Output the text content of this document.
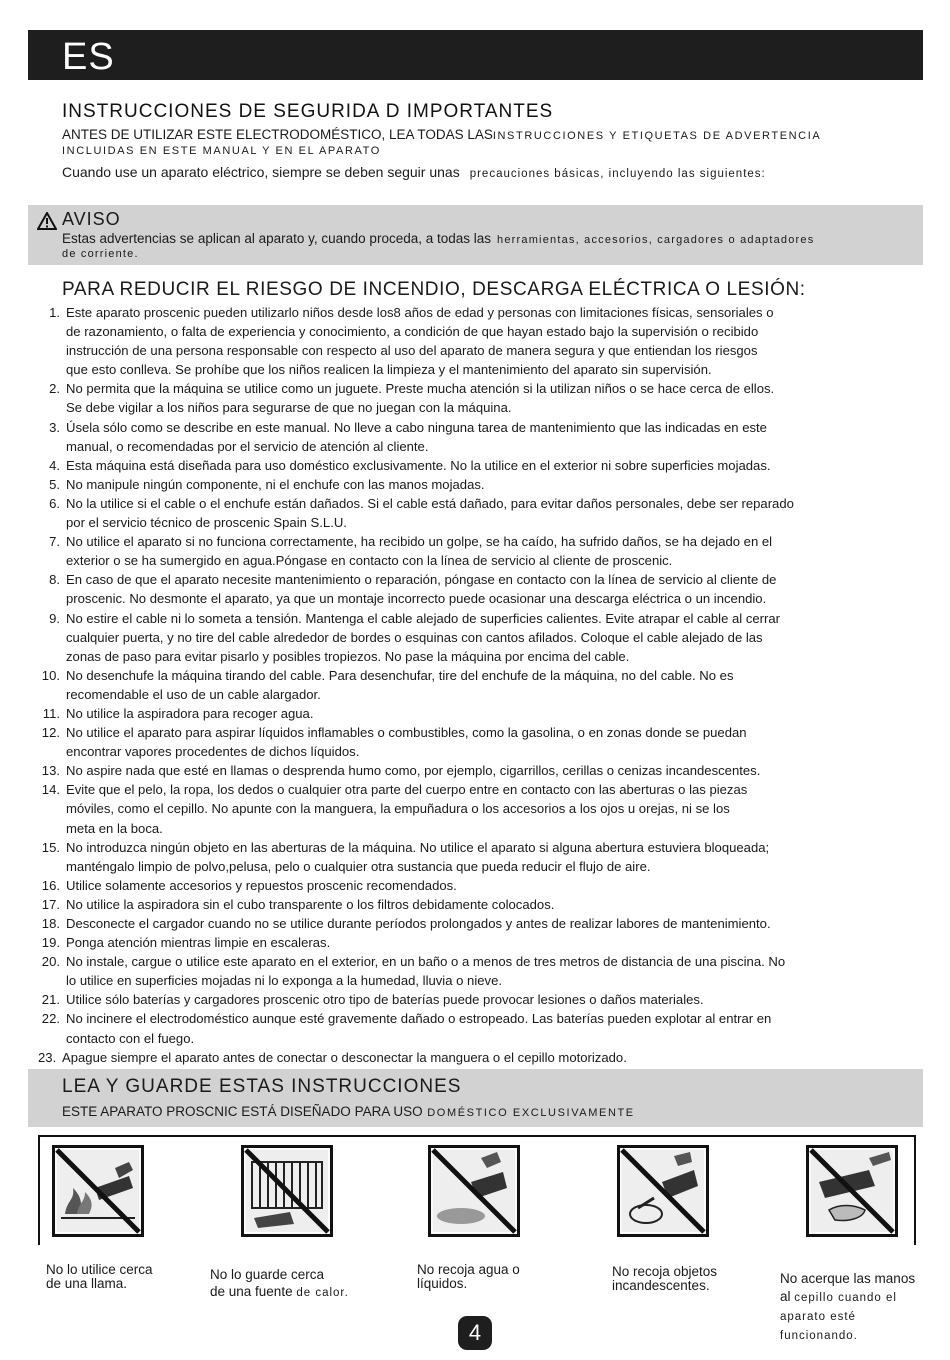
ES
INSTRUCCIONES DE SEGURIDA D IMPORTANTES
ANTES DE UTILIZAR ESTE ELECTRODOMÉSTICO, LEA TODAS LASINSTRUCCIONES Y ETIQUETAS DE ADVERTENCIA
INCLUIDAS EN ESTE MANUAL Y EN EL APARATO
Cuando use un aparato eléctrico, siempre se deben seguir unas precauciones básicas, incluyendo las siguientes:
AVISO
Estas advertencias se aplican al aparato y, cuando proceda, a todas las herramientas, accesorios, cargadores o adaptadores
de corriente.
PARA REDUCIR EL RIESGO DE INCENDIO, DESCARGA ELÉCTRICA O LESIÓN:
1. Este aparato proscenic pueden utilizarlo niños desde los8 años de edad y personas con limitaciones físicas, sensoriales o
de razonamiento, o falta de experiencia y conocimiento, a condición de que hayan estado bajo la supervisión o recibido
instrucción de una persona responsable con respecto al uso del aparato de manera segura y que entiendan los riesgos
que esto conlleva. Se prohíbe que los niños realicen la limpieza y el mantenimiento del aparato sin supervisión.
2. No permita que la máquina se utilice como un juguete. Preste mucha atención si la utilizan niños o se hace cerca de ellos.
Se debe vigilar a los niños para segurarse de que no juegan con la máquina.
3. Úsela sólo como se describe en este manual. No lleve a cabo ninguna tarea de mantenimiento que las indicadas en este
manual, o recomendadas por el servicio de atención al cliente.
4. Esta máquina está diseñada para uso doméstico exclusivamente. No la utilice en el exterior ni sobre superficies mojadas.
5. No manipule ningún componente, ni el enchufe con las manos mojadas.
6. No la utilice si el cable o el enchufe están dañados. Si el cable está dañado, para evitar daños personales, debe ser reparado
por el servicio técnico de proscenic Spain S.L.U.
7. No utilice el aparato si no funciona correctamente, ha recibido un golpe, se ha caído, ha sufrido daños, se ha dejado en el
exterior o se ha sumergido en agua.Póngase en contacto con la línea de servicio al cliente de proscenic.
8. En caso de que el aparato necesite mantenimiento o reparación, póngase en contacto con la línea de servicio al cliente de
proscenic. No desmonte el aparato, ya que un montaje incorrecto puede ocasionar una descarga eléctrica o un incendio.
9. No estire el cable ni lo someta a tensión. Mantenga el cable alejado de superficies calientes. Evite atrapar el cable al cerrar
cualquier puerta, y no tire del cable alrededor de bordes o esquinas con cantos afilados. Coloque el cable alejado de las
zonas de paso para evitar pisarlo y posibles tropiezos. No pase la máquina por encima del cable.
10. No desenchufe la máquina tirando del cable. Para desenchufar, tire del enchufe de la máquina, no del cable. No es
recomendable el uso de un cable alargador.
11. No utilice la aspiradora para recoger agua.
12. No utilice el aparato para aspirar líquidos inflamables o combustibles, como la gasolina, o en zonas donde se puedan
encontrar vapores procedentes de dichos líquidos.
13. No aspire nada que esté en llamas o desprenda humo como, por ejemplo, cigarrillos, cerillas o cenizas incandescentes.
14. Evite que el pelo, la ropa, los dedos o cualquier otra parte del cuerpo entre en contacto con las aberturas o las piezas
móviles, como el cepillo. No apunte con la manguera, la empuñadura o los accesorios a los ojos u orejas, ni se los
meta en la boca.
15. No introduzca ningún objeto en las aberturas de la máquina. No utilice el aparato si alguna abertura estuviera bloqueada;
manténgalo limpio de polvo,pelusa, pelo o cualquier otra sustancia que pueda reducir el flujo de aire.
16. Utilice solamente accesorios y repuestos proscenic recomendados.
17. No utilice la aspiradora sin el cubo transparente o los filtros debidamente colocados.
18. Desconecte el cargador cuando no se utilice durante períodos prolongados y antes de realizar labores de mantenimiento.
19. Ponga atención mientras limpie en escaleras.
20. No instale, cargue o utilice este aparato en el exterior, en un baño o a menos de tres metros de distancia de una piscina. No
lo utilice en superficies mojadas ni lo exponga a la humedad, lluvia o nieve.
21. Utilice sólo baterías y cargadores proscenic otro tipo de baterías puede provocar lesiones o daños materiales.
22. No incinere el electrodoméstico aunque esté gravemente dañado o estropeado. Las baterías pueden explotar al entrar en
contacto con el fuego.
23. Apague siempre el aparato antes de conectar o desconectar la manguera o el cepillo motorizado.
LEA Y GUARDE ESTAS INSTRUCCIONES
ESTE APARATO PROSCNIC ESTÁ DISEÑADO PARA USO DOMÉSTICO EXCLUSIVAMENTE

No lo utilice cerca
de una llama.

No lo guarde cerca
de una fuente de calor.

No recoja agua o
líquidos.

No recoja objetos
incandescentes.	No acerque las manos
al cepillo cuando el
aparato esté
funcionando.

4
